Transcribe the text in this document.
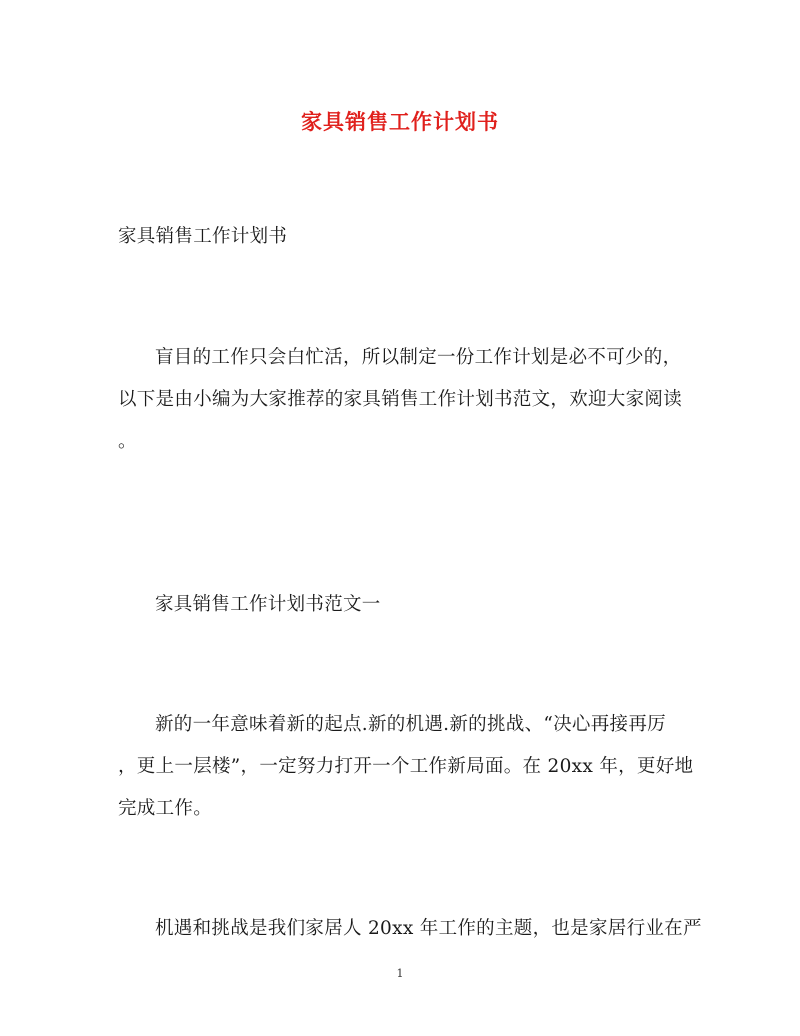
家具销售工作计划书
家具销售工作计划书
盲目的工作只会白忙活，所以制定一份工作计划是必不可少的，
以下是由小编为大家推荐的家具销售工作计划书范文，欢迎大家阅读
。
家具销售工作计划书范文一
新的一年意味着新的起点.新的机遇.新的挑战、“决心再接再厉
，更上一层楼”，一定努力打开一个工作新局面。在 20xx 年，更好地
完成工作。
机遇和挑战是我们家居人 20xx 年工作的主题，也是家居行业在严
1
